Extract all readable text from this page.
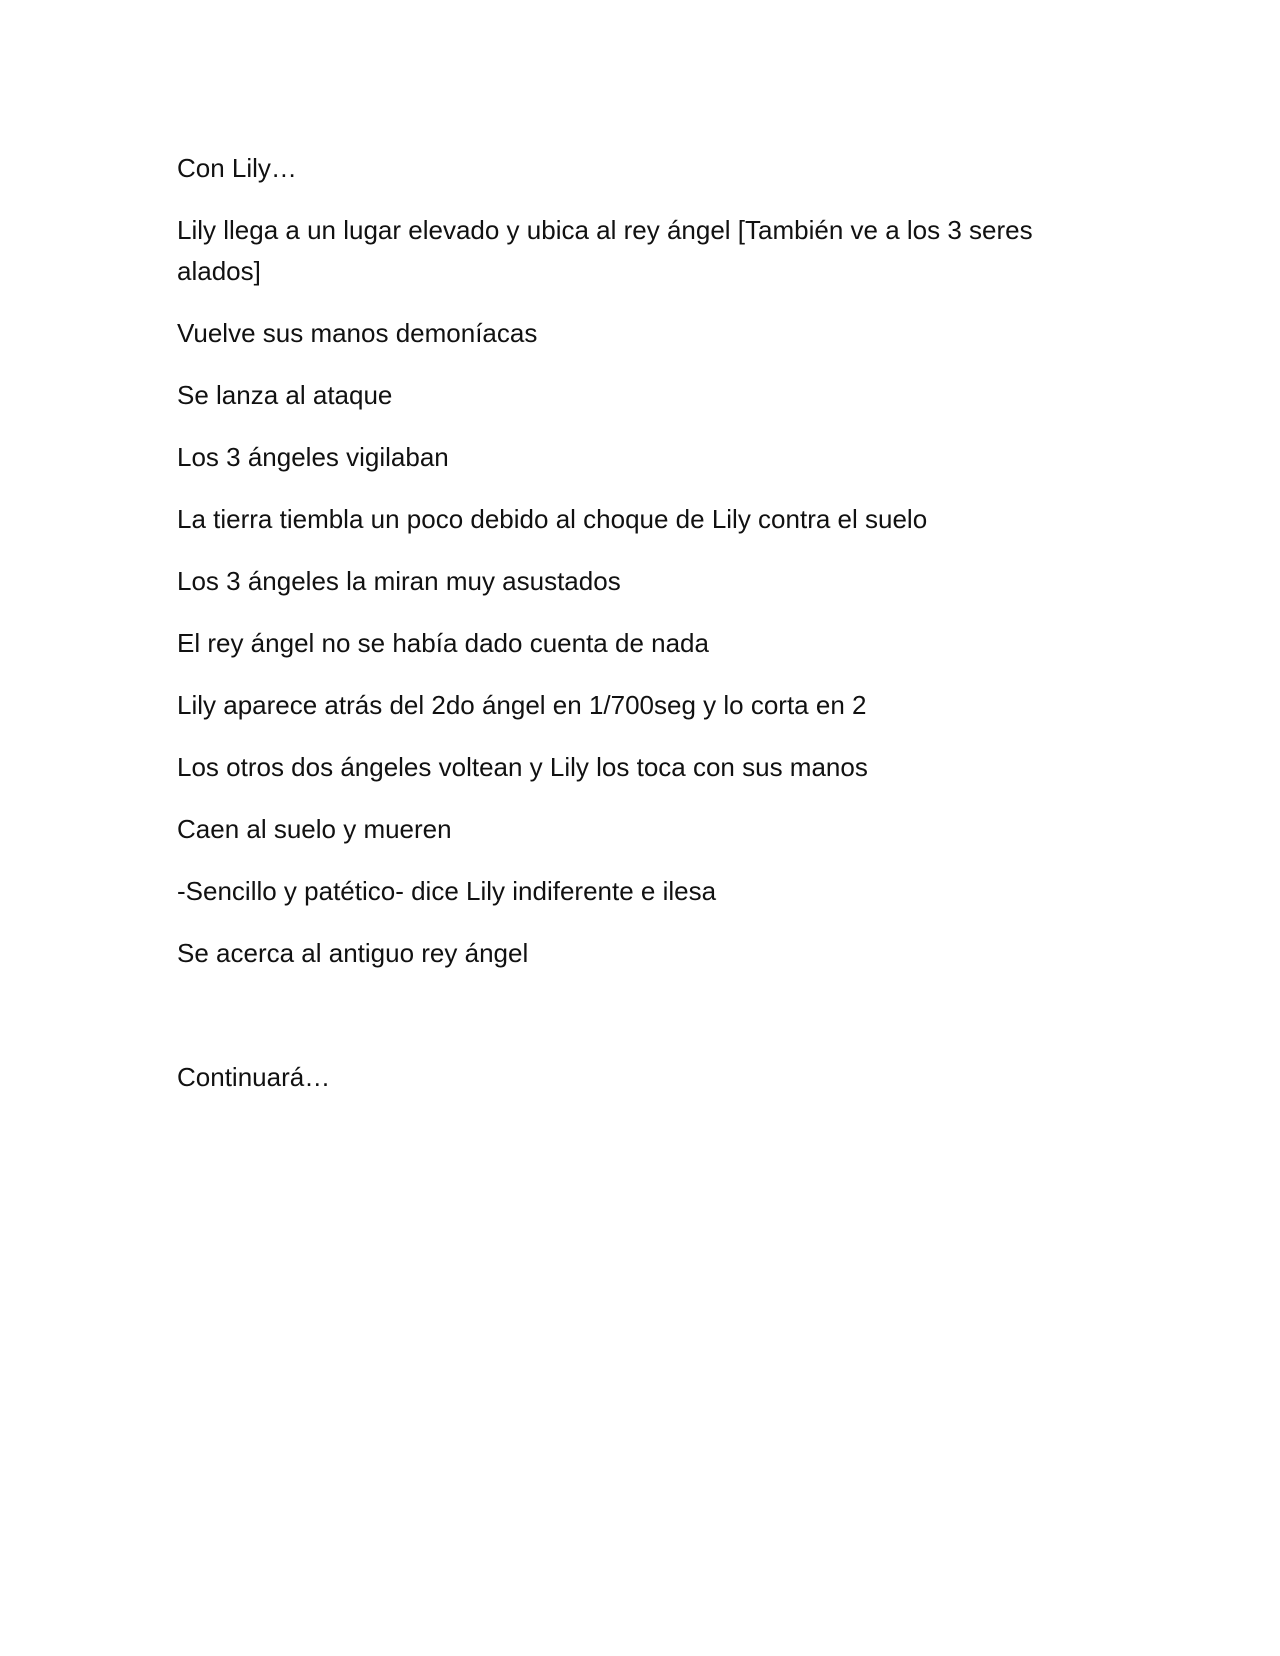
Con Lily…

Lily llega a un lugar elevado y ubica al rey ángel [También ve a los 3 seres alados]

Vuelve sus manos demoníacas

Se lanza al ataque

Los 3 ángeles vigilaban

La tierra tiembla un poco debido al choque de Lily contra el suelo

Los 3 ángeles la miran muy asustados

El rey ángel no se había dado cuenta de nada

Lily aparece atrás del 2do ángel en 1/700seg y lo corta en 2

Los otros dos ángeles voltean y Lily los toca con sus manos

Caen al suelo y mueren

-Sencillo y patético- dice Lily indiferente e ilesa

Se acerca al antiguo rey ángel

Continuará…
